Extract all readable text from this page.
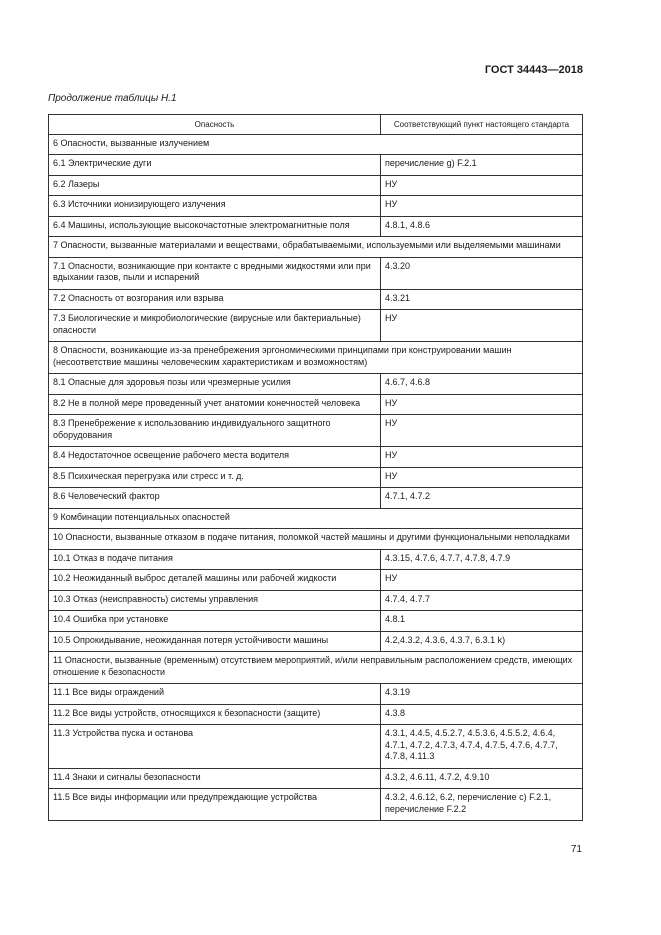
ГОСТ 34443—2018
Продолжение таблицы Н.1
Опасность	Соответствующий пункт настоящего стандарта
6 Опасности, вызванные излучением	
6.1 Электрические дуги	перечисление g) F.2.1
6.2 Лазеры	НУ
6.3 Источники ионизирующего излучения	НУ
6.4 Машины, использующие высокочастотные электромагнитные поля	4.8.1, 4.8.6
7 Опасности, вызванные материалами и веществами, обрабатываемыми, используемыми или выделяемыми машинами	
7.1 Опасности, возникающие при контакте с вредными жидкостями или при вдыхании газов, пыли и испарений	4.3.20
7.2 Опасность от возгорания или взрыва	4.3.21
7.3 Биологические и микробиологические (вирусные или бактериальные) опасности	НУ
8 Опасности, возникающие из-за пренебрежения эргономическими принципами при конструировании машин (несоответствие машины человеческим характеристикам и возможностям)	
8.1 Опасные для здоровья позы или чрезмерные усилия	4.6.7, 4.6.8
8.2 Не в полной мере проведенный учет анатомии конечностей человека	НУ
8.3 Пренебрежение к использованию индивидуального защитного оборудования	НУ
8.4 Недостаточное освещение рабочего места водителя	НУ
8.5 Психическая перегрузка или стресс и т. д.	НУ
8.6 Человеческий фактор	4.7.1, 4.7.2
9 Комбинации потенциальных опасностей	
10 Опасности, вызванные отказом в подаче питания, поломкой частей машины и другими функциональными неполадками	
10.1 Отказ в подаче питания	4.3.15, 4.7.6, 4.7.7, 4.7.8, 4.7.9
10.2 Неожиданный выброс деталей машины или рабочей жидкости	НУ
10.3 Отказ (неисправность) системы управления	4.7.4, 4.7.7
10.4 Ошибка при установке	4.8.1
10.5 Опрокидывание, неожиданная потеря устойчивости машины	4.2,4.3.2, 4.3.6, 4.3.7, 6.3.1 k)
11 Опасности, вызванные (временным) отсутствием мероприятий, и/или неправильным расположением средств, имеющих отношение к безопасности	
11.1 Все виды ограждений	4.3.19
11.2 Все виды устройств, относящихся к безопасности (защите)	4.3.8
11.3 Устройства пуска и останова	4.3.1, 4.4.5, 4.5.2.7, 4.5.3.6, 4.5.5.2, 4.6.4, 4.7.1, 4.7.2, 4.7.3, 4.7.4, 4.7.5, 4.7.6, 4.7.7, 4.7.8, 4.11.3
11.4 Знаки и сигналы безопасности	4.3.2, 4.6.11, 4.7.2, 4.9.10
11.5 Все виды информации или предупреждающие устройства	4.3.2, 4.6.12, 6.2, перечисление с) F.2.1, перечисление F.2.2
71
